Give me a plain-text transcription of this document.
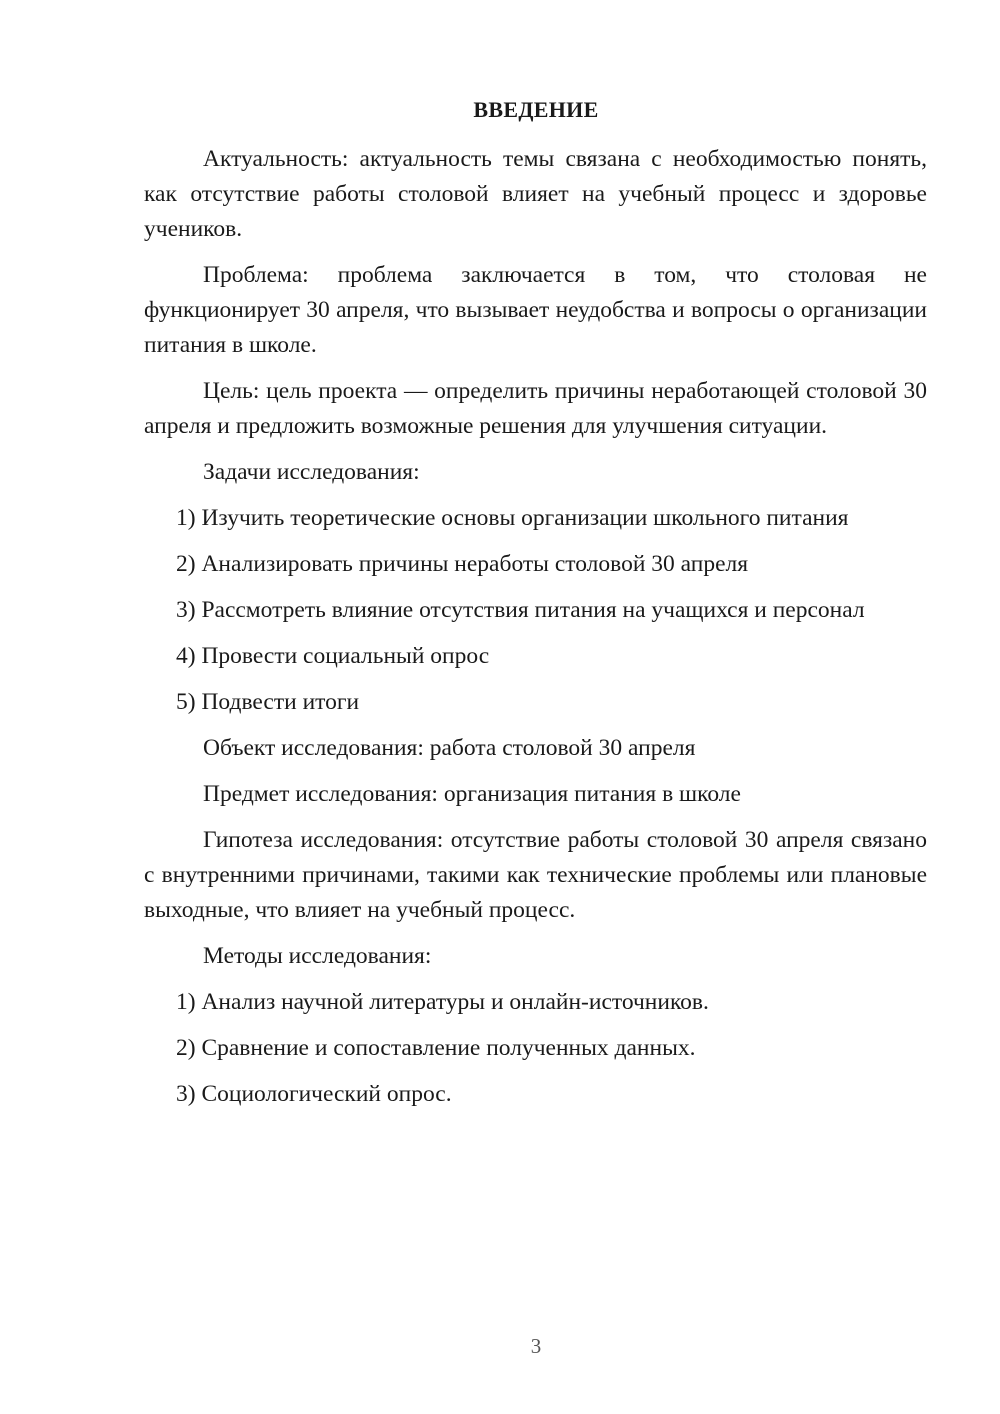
ВВЕДЕНИЕ

Актуальность: актуальность темы связана с необходимостью понять, как отсутствие работы столовой влияет на учебный процесс и здоровье учеников.

Проблема: проблема заключается в том, что столовая не функционирует 30 апреля, что вызывает неудобства и вопросы о организации питания в школе.

Цель: цель проекта — определить причины неработающей столовой 30 апреля и предложить возможные решения для улучшения ситуации.

Задачи исследования:
1) Изучить теоретические основы организации школьного питания
2) Анализировать причины неработы столовой 30 апреля
3) Рассмотреть влияние отсутствия питания на учащихся и персонал
4) Провести социальный опрос
5) Подвести итоги
Объект исследования: работа столовой 30 апреля
Предмет исследования: организация питания в школе

Гипотеза исследования: отсутствие работы столовой 30 апреля связано с внутренними причинами, такими как технические проблемы или плановые выходные, что влияет на учебный процесс.

Методы исследования:
1) Анализ научной литературы и онлайн-источников.
2) Сравнение и сопоставление полученных данных.
3) Социологический опрос.
3
